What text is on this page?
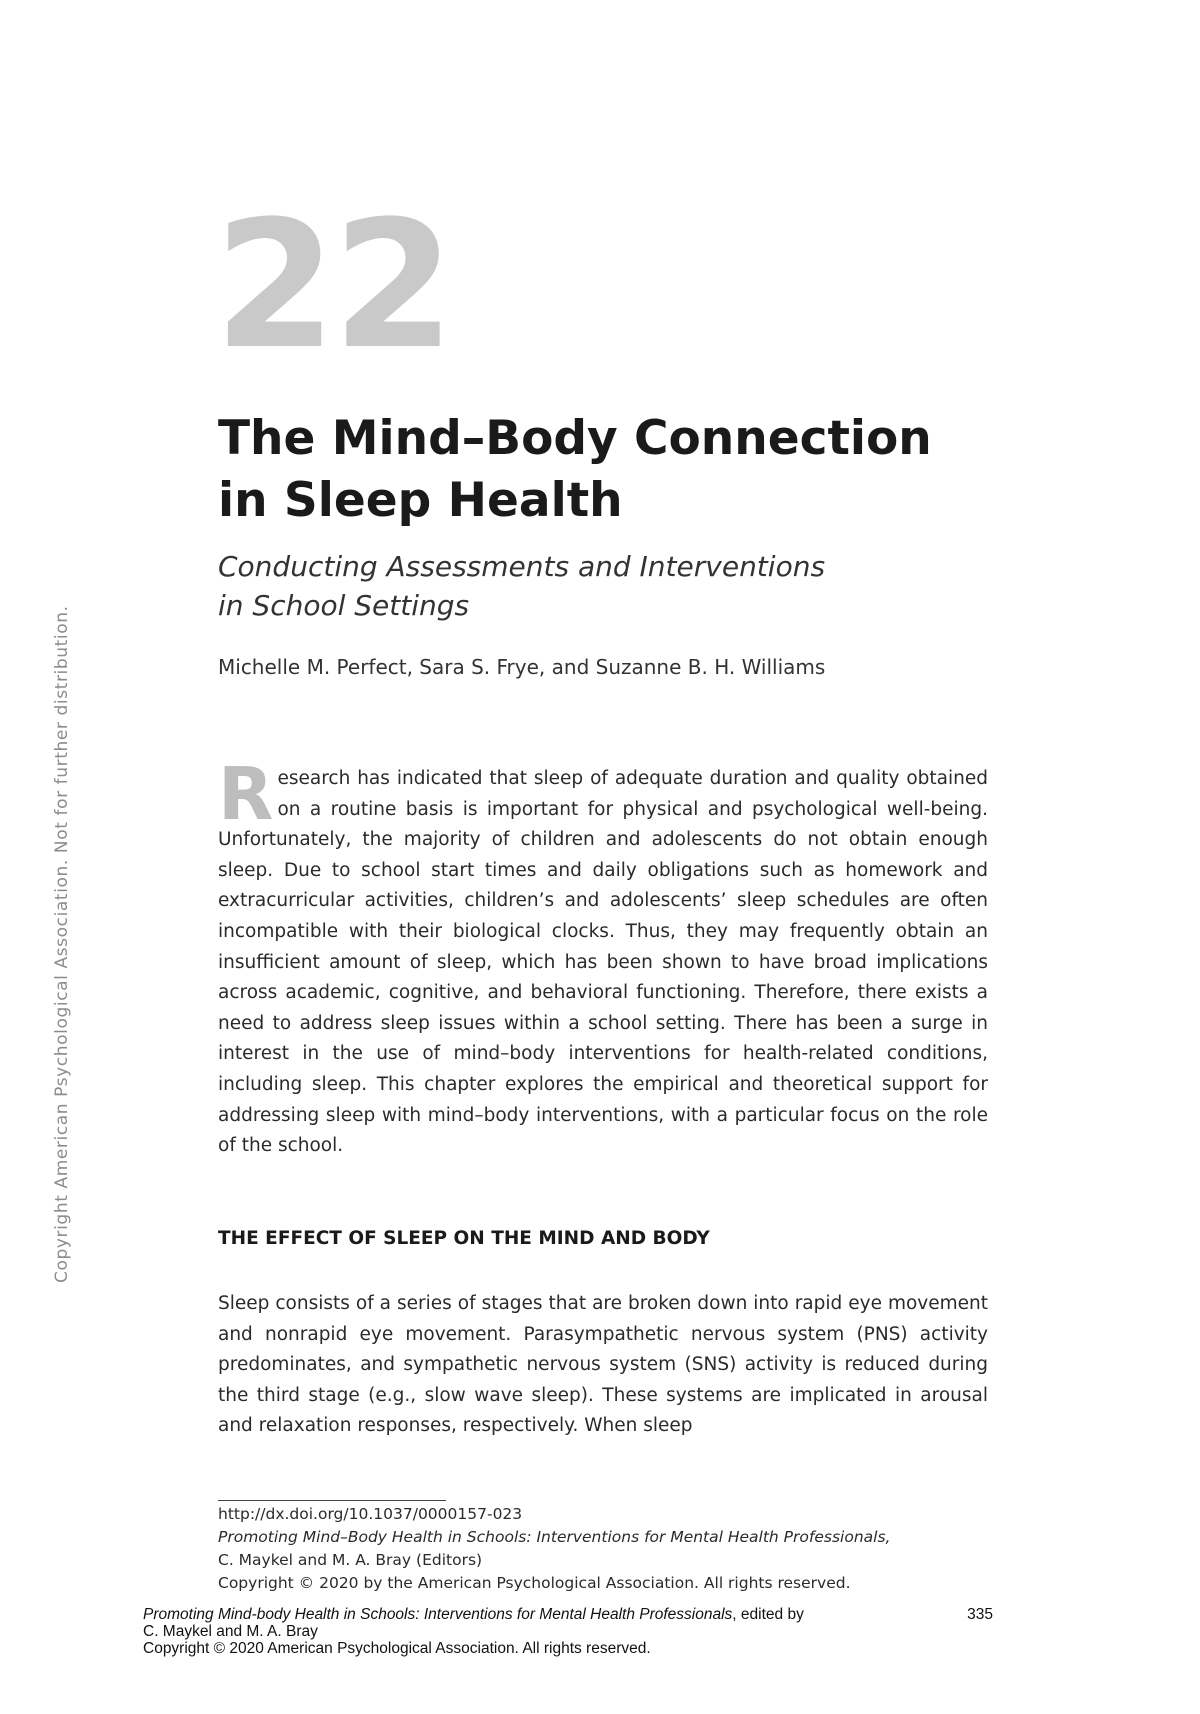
Copyright American Psychological Association. Not for further distribution.
22
The Mind–Body Connection
in Sleep Health
Conducting Assessments and Interventions
in School Settings
Michelle M. Perfect, Sara S. Frye, and Suzanne B. H. Williams
Research has indicated that sleep of adequate duration and quality obtained on a routine basis is important for physical and psychological well-being. Unfortunately, the majority of children and adolescents do not obtain enough sleep. Due to school start times and daily obligations such as homework and extracurricular activities, children’s and adolescents’ sleep schedules are often incompatible with their biological clocks. Thus, they may frequently obtain an insufficient amount of sleep, which has been shown to have broad implications across academic, cognitive, and behavioral functioning. Therefore, there exists a need to address sleep issues within a school setting. There has been a surge in interest in the use of mind–body interventions for health-related conditions, including sleep. This chapter explores the empirical and theoretical support for addressing sleep with mind–body interventions, with a particular focus on the role of the school.
THE EFFECT OF SLEEP ON THE MIND AND BODY
Sleep consists of a series of stages that are broken down into rapid eye movement and nonrapid eye movement. Parasympathetic nervous system (PNS) activity predominates, and sympathetic nervous system (SNS) activity is reduced during the third stage (e.g., slow wave sleep). These systems are implicated in arousal and relaxation responses, respectively. When sleep
http://dx.doi.org/10.1037/0000157-023
Promoting Mind–Body Health in Schools: Interventions for Mental Health Professionals,
C. Maykel and M. A. Bray (Editors)
Copyright © 2020 by the American Psychological Association. All rights reserved.
Promoting Mind-body Health in Schools: Interventions for Mental Health Professionals, edited by	335
C. Maykel and M. A. Bray
Copyright © 2020 American Psychological Association. All rights reserved.
